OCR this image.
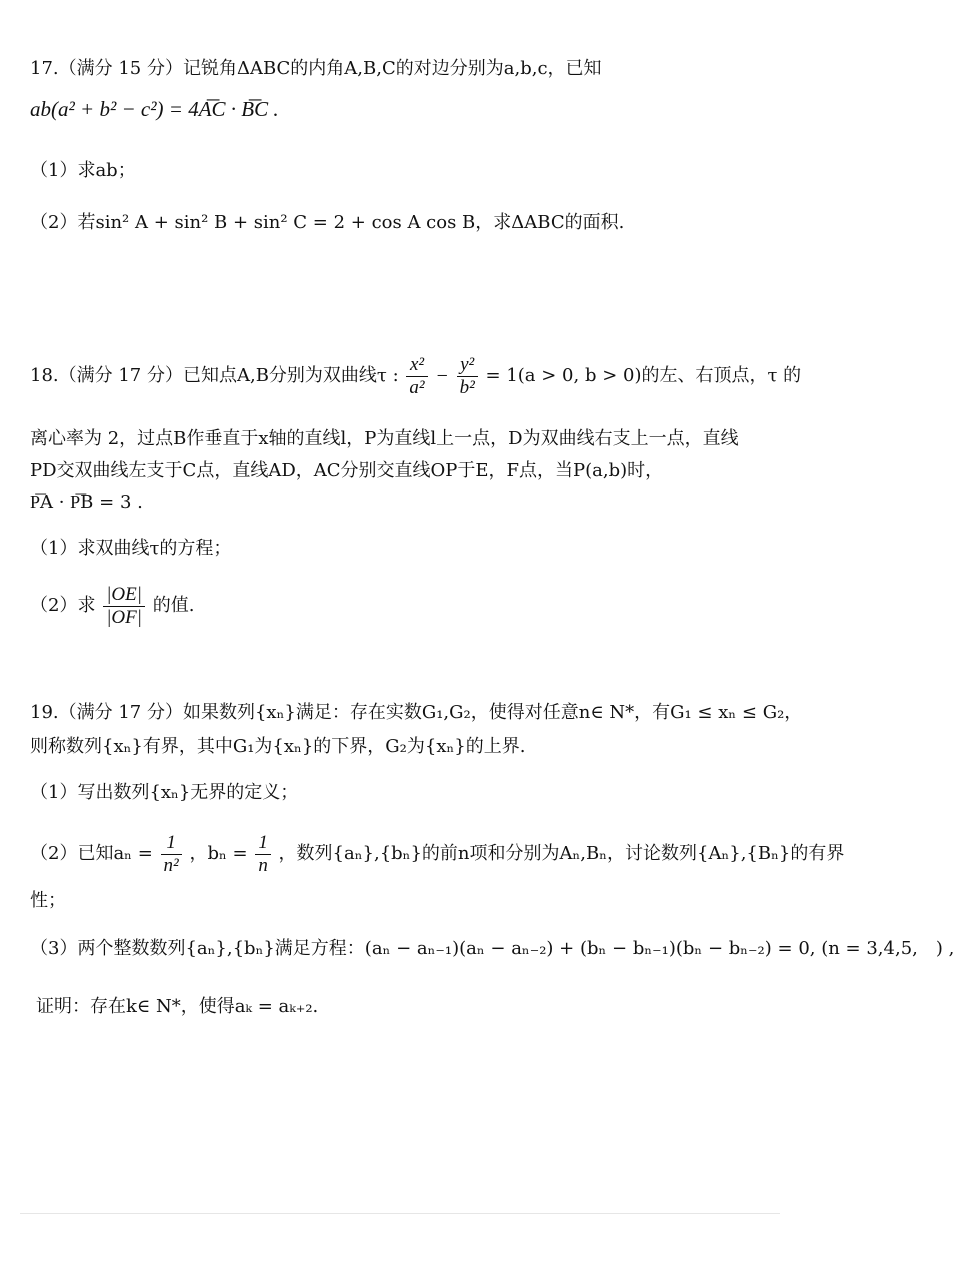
17.（满分 15 分）记锐角ΔABC的内角A,B,C的对边分别为a,b,c，已知
ab(a² + b² − c²) = 4A͞C · B͞C .
（1）求ab；
（2）若sin² A + sin² B + sin² C = 2 + cos A cos B，求ΔABC的面积.
18.（满分 17 分）已知点A,B分别为双曲线τ : $\frac{\text{x²}}{\text{a²}} - \frac{\text{y²}}{\text{b²}} = 1(a > 0$, b > 0)的左、右顶点，τ 的
离心率为 2，过点B作垂直于x轴的直线l，P为直线l上一点，D为双曲线右支上一点，直线
PD交双曲线左支于C点，直线AD，AC分别交直线OP于E，F点，当P(a,b)时，
P͞A · P͞B = 3 .
（1）求双曲线τ的方程；
（2）求 $\frac{|OE|}{|OF|}$ 的值.
19.（满分 17 分）如果数列{xₙ}满足：存在实数G₁,G₂，使得对任意n∈ N*，有G₁ ≤ xₙ ≤ G₂，
则称数列{xₙ}有界，其中G₁为{xₙ}的下界，G₂为{xₙ}的上界.
（1）写出数列{xₙ}无界的定义；
（2）已知$a_n = \frac{1}{\text{n²}}$ ，$b_n = \frac{1}{n}$ ，数列{aₙ},{bₙ}的前n项和分别为Aₙ,Bₙ，讨论数列{Aₙ},{Bₙ}的有界
性；
（3）两个整数数列{aₙ},{bₙ}满足方程：(aₙ − aₙ₋₁)(aₙ − aₙ₋₂) + (bₙ − bₙ₋₁)(bₙ − bₙ₋₂) = 0, (n = 3,4,5,　) ,
证明：存在k∈ N*，使得aₖ = aₖ₊₂.
